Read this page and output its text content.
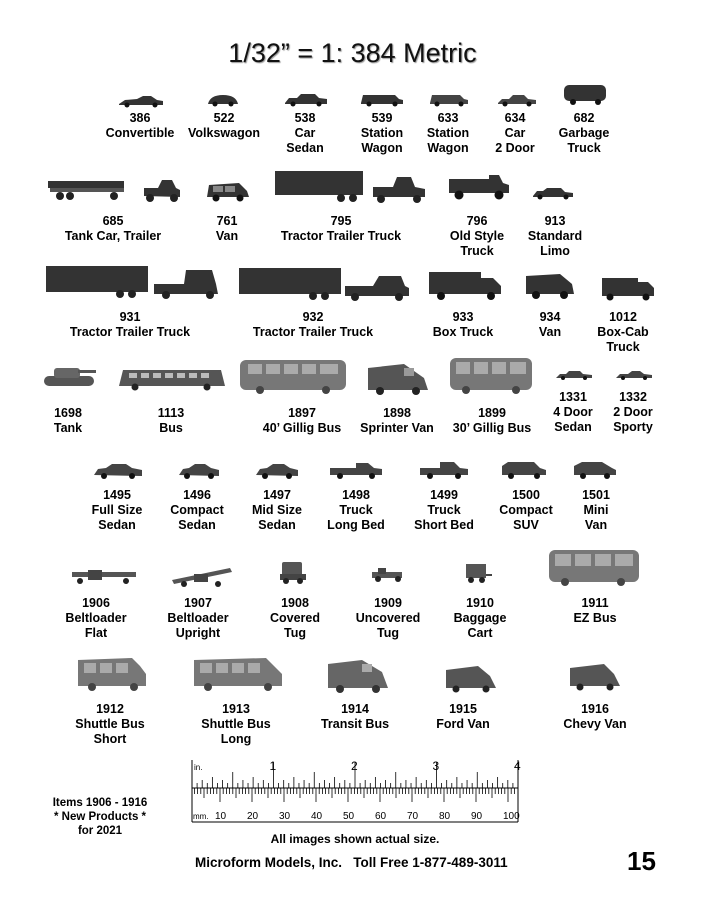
1/32” = 1: 384 Metric
386
Convertible
522
Volkswagon
538
Car
Sedan
539
Station
Wagon
633
Station
Wagon
634
Car
2 Door
682
Garbage
Truck
685
Tank Car, Trailer
761
Van
795
Tractor Trailer Truck
796
Old Style
Truck
913
Standard
Limo
931
Tractor Trailer Truck
932
Tractor Trailer Truck
933
Box Truck
934
Van
1012
Box-Cab
Truck
1698
Tank
1113
Bus
1897
40’ Gillig Bus
1898
Sprinter Van
1899
30’ Gillig Bus
1331
4 Door
Sedan
1332
2 Door
Sporty
1495
Full Size
Sedan
1496
Compact
Sedan
1497
Mid Size
Sedan
1498
Truck
Long Bed
1499
Truck
Short Bed
1500
Compact
SUV
1501
Mini
Van
1906
Beltloader
Flat
1907
Beltloader
Upright
1908
Covered
Tug
1909
Uncovered
Tug
1910
Baggage
Cart
1911
EZ Bus
1912
Shuttle Bus
Short
1913
Shuttle Bus
Long
1914
Transit Bus
1915
Ford Van
1916
Chevy Van
in.
mm.
1	2	3	4
10 20 30 40 50 60 70 80 90 100
All images shown actual size.
Items 1906 - 1916
* New Products *
for 2021
Microform Models, Inc.   Toll Free 1-877-489-3011	15
